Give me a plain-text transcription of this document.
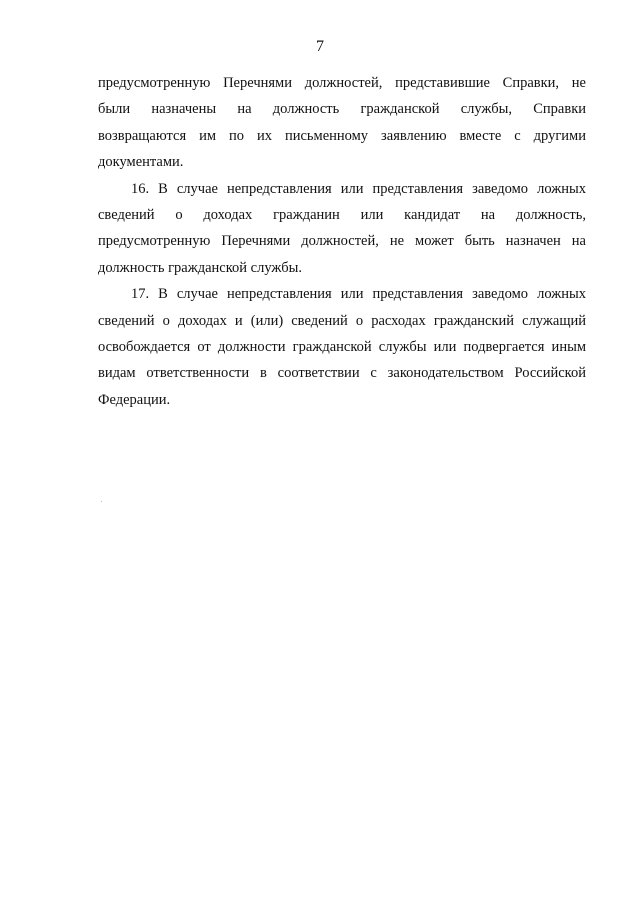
7
предусмотренную Перечнями должностей, представившие Справки, не
были назначены на должность гражданской службы, Справки
возвращаются им по их письменному заявлению вместе с другими
документами.
16. В случае непредставления или представления заведомо ложных
сведений о доходах гражданин или кандидат на должность,
предусмотренную Перечнями должностей, не может быть назначен на
должность гражданской службы.
17. В случае непредставления или представления заведомо ложных
сведений о доходах и (или) сведений о расходах гражданский служащий
освобождается от должности гражданской службы или подвергается иным
видам ответственности в соответствии с законодательством Российской
Федерации.
